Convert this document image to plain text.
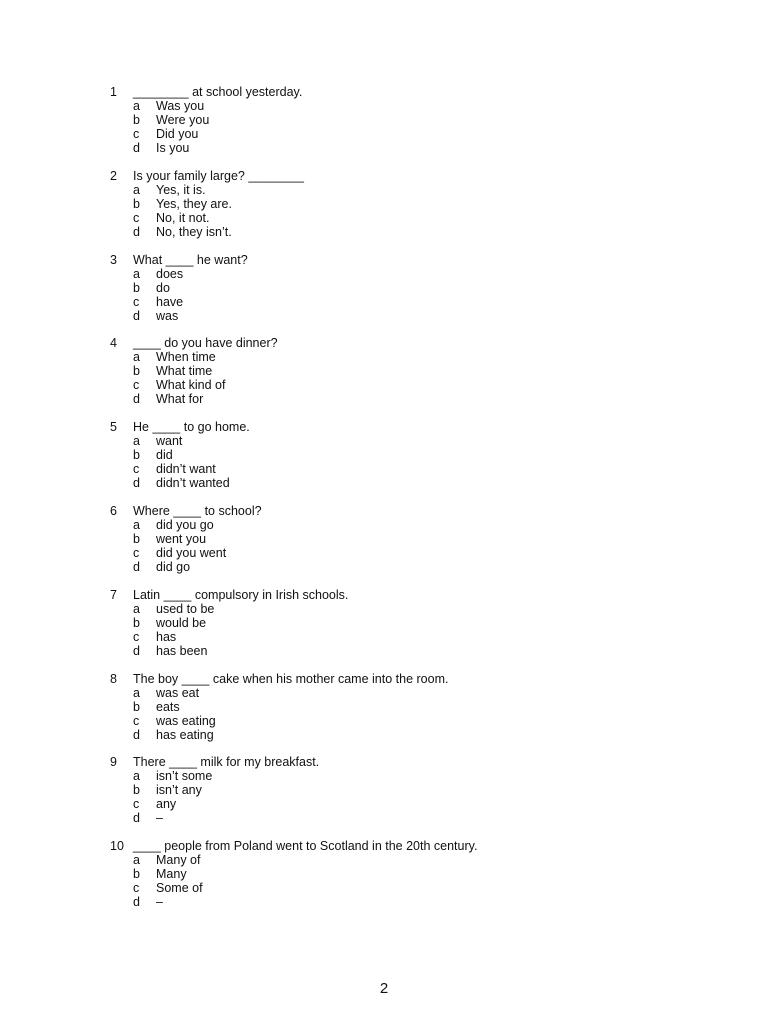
1	________ at school yesterday.
a	Was you
b	Were you
c	Did you
d	Is you
2	Is your family large? ________
a	Yes, it is.
b	Yes, they are.
c	No, it not.
d	No, they isn’t.
3	What ____ he want?
a	does
b	do
c	have
d	was
4	____ do you have dinner?
a	When time
b	What time
c	What kind of
d	What for
5	He ____ to go home.
a	want
b	did
c	didn’t want
d	didn’t wanted
6	Where ____ to school?
a	did you go
b	went you
c	did you went
d	did go
7	Latin ____ compulsory in Irish schools.
a	used to be
b	would be
c	has
d	has been
8	The boy ____ cake when his mother came into the room.
a	was eat
b	eats
c	was eating
d	has eating
9	There ____ milk for my breakfast.
a	isn’t some
b	isn’t any
c	any
d	–
10 ____ people from Poland went to Scotland in the 20th century.
a	Many of
b	Many
c	Some of
d	–
2
